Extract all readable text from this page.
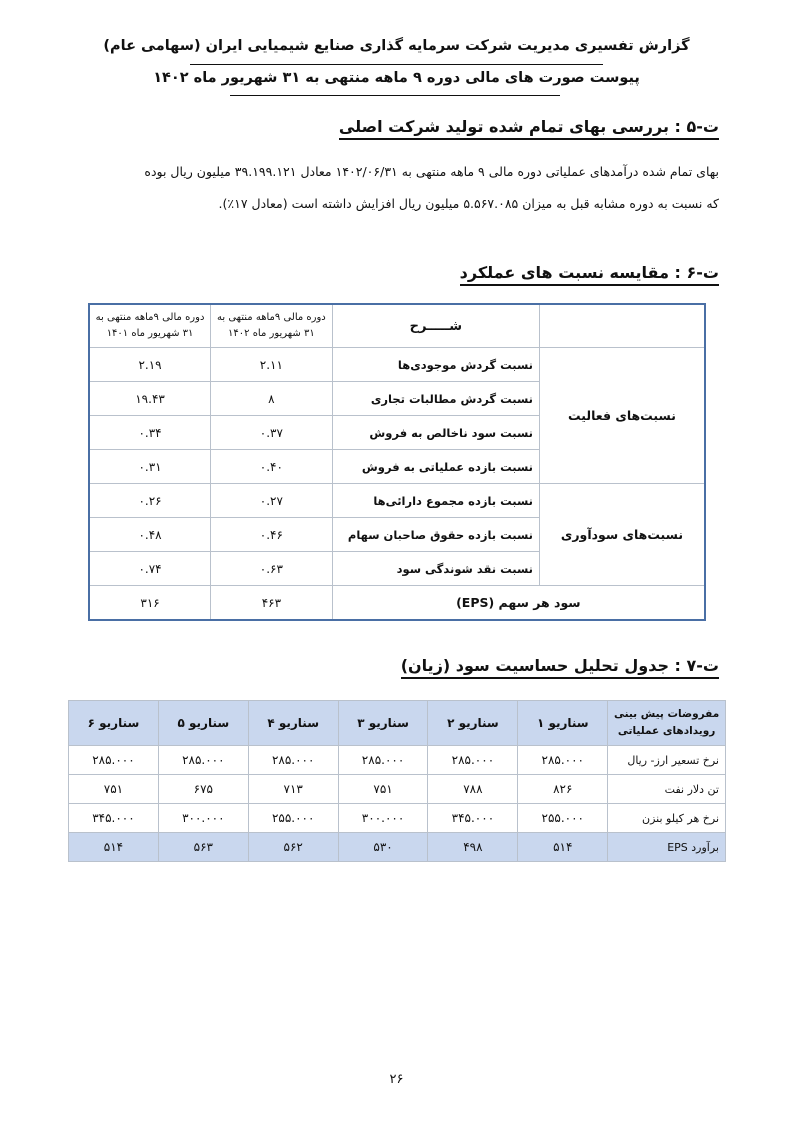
گزارش تفسیری مدیریت شرکت سرمایه گذاری صنایع شیمیایی ایران (سهامی عام)
پیوست صورت های مالی دوره ۹ ماهه منتهی به ۳۱ شهریور ماه ۱۴۰۲
ت-۵ : بررسی بهای تمام شده تولید شرکت اصلی
بهای تمام شده درآمدهای عملیاتی دوره مالی ۹ ماهه منتهی به ۱۴۰۲/۰۶/۳۱ معادل ۳۹.۱۹۹.۱۲۱ میلیون ریال بوده
که نسبت به دوره مشابه قبل به میزان ۵.۵۶۷.۰۸۵ میلیون ریال افزایش داشته است (معادل ۱۷٪).
ت-۶ : مقایسه نسبت های عملکرد
	شـــــرح	دوره مالی ۹ماهه منتهی به ۳۱ شهریور ماه ۱۴۰۲	دوره مالی ۹ماهه منتهی به ۳۱ شهریور ماه ۱۴۰۱
نسبت‌های فعالیت	نسبت گردش موجودی‌ها	۲.۱۱	۲.۱۹
	نسبت گردش مطالبات تجاری	۸	۱۹.۴۳
	نسبت سود ناخالص به فروش	۰.۳۷	۰.۳۴
	نسبت بازده عملیاتی به فروش	۰.۴۰	۰.۳۱
نسبت‌های سودآوری	نسبت بازده مجموع دارائی‌ها	۰.۲۷	۰.۲۶
	نسبت بازده حقوق صاحبان سهام	۰.۴۶	۰.۴۸
	نسبت نقد شوندگی سود	۰.۶۳	۰.۷۴
سود هر سهم (EPS)		۴۶۳	۳۱۶
ت-۷ : جدول تحلیل حساسیت سود (زیان)
مفروضات پیش بینی رویدادهای عملیاتی	سناریو ۱	سناریو ۲	سناریو ۳	سناریو ۴	سناریو ۵	سناریو ۶
نرخ تسعیر ارز- ریال	۲۸۵.۰۰۰	۲۸۵.۰۰۰	۲۸۵.۰۰۰	۲۸۵.۰۰۰	۲۸۵.۰۰۰	۲۸۵.۰۰۰
تن دلار نفت	۸۲۶	۷۸۸	۷۵۱	۷۱۳	۶۷۵	۷۵۱
نرخ هر کیلو بنزن	۲۵۵.۰۰۰	۳۴۵.۰۰۰	۳۰۰.۰۰۰	۲۵۵.۰۰۰	۳۰۰.۰۰۰	۳۴۵.۰۰۰
برآورد EPS	۵۱۴	۴۹۸	۵۳۰	۵۶۲	۵۶۳	۵۱۴
۲۶
